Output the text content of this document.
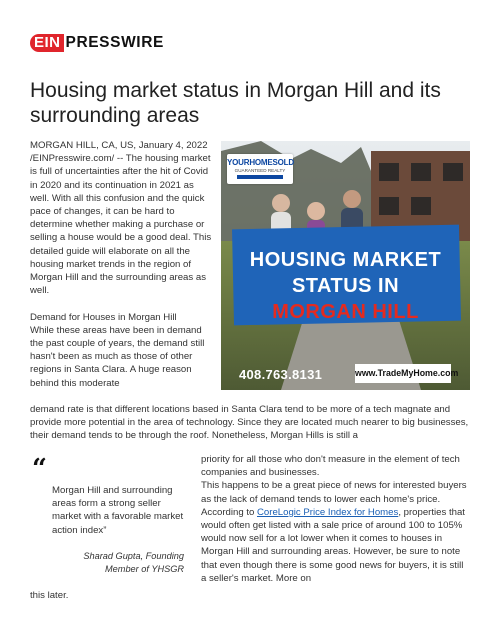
EIN PRESSWIRE
Housing market status in Morgan Hill and its surrounding areas

MORGAN HILL, CA, US, January 4, 2022 /EINPresswire.com/ -- The housing market is full of uncertainties after the hit of Covid in 2020 and its continuation in 2021 as well. With all this confusion and the quick pace of changes, it can be hard to determine whether making a purchase or selling a house would be a good deal. This detailed guide will elaborate on all the housing market trends in the region of Morgan Hill and the surrounding areas as well.

Demand for Houses in Morgan Hill
While these areas have been in demand the past couple of years, the demand still hasn't been as much as those of other regions in Santa Clara. A huge reason behind this moderate

YOURHOMESOLD
GUARANTEED REALTY
HOUSING MARKET
STATUS IN
MORGAN HILL
408.763.8131	www.TradeMyHome.com

demand rate is that different locations based in Santa Clara tend to be more of a tech magnate and provide more potential in the area of technology. Since they are located much nearer to big businesses, their demand tends to be through the roof. Nonetheless, Morgan Hills is still a

“

Morgan Hill and surrounding areas form a strong seller market with a favorable market action index”

Sharad Gupta, Founding Member of YHSGR

priority for all those who don't measure in the element of tech companies and businesses.

This happens to be a great piece of news for interested buyers as the lack of demand tends to lower each home's price. According to CoreLogic Price Index for Homes, properties that would often get listed with a sale price of around 100 to 105% would now sell for a lot lower when it comes to houses in Morgan Hill and surrounding areas. However, be sure to note that even though there is some good news for buyers, it is still a seller's market. More on

this later.
